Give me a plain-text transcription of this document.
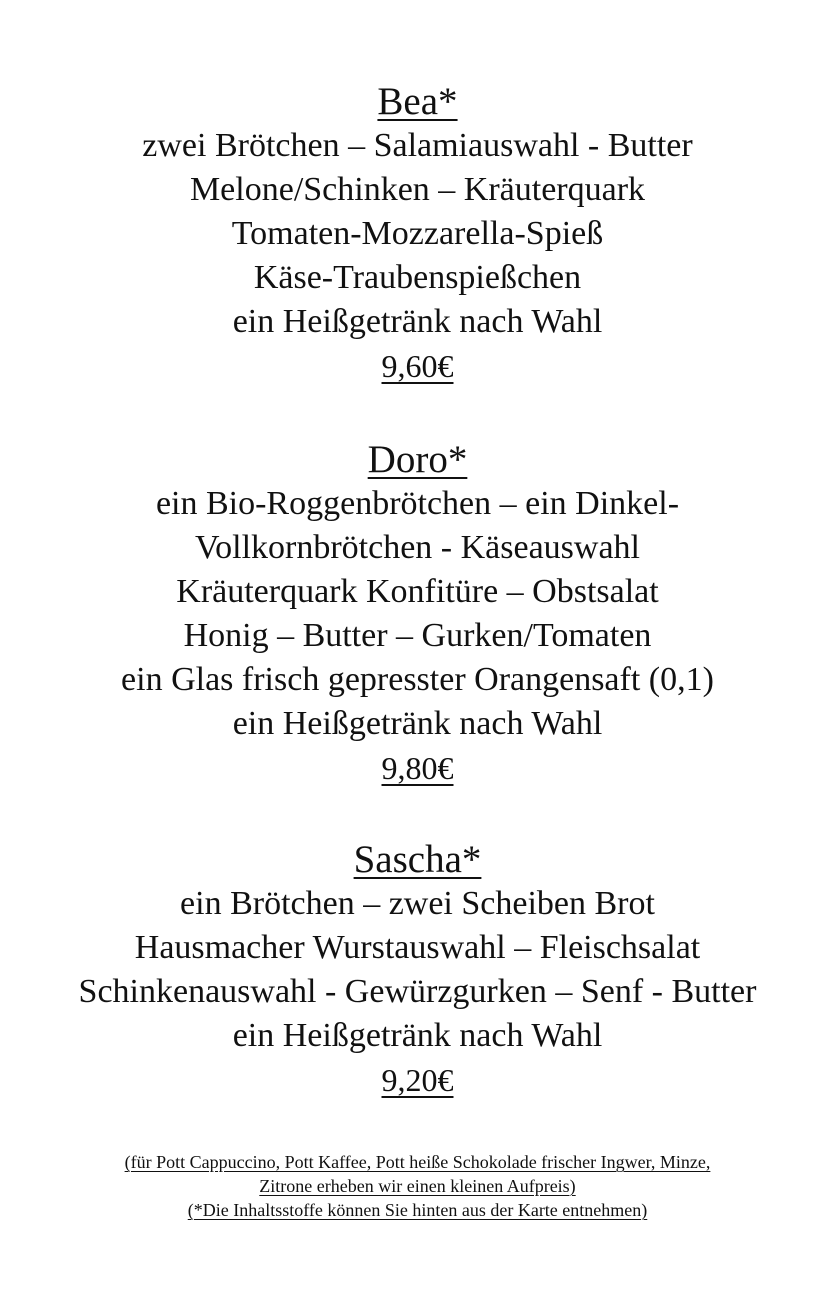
Bea*
zwei Brötchen – Salamiauswahl - Butter
Melone/Schinken – Kräuterquark
Tomaten-Mozzarella-Spieß
Käse-Traubenspießchen
ein Heißgetränk nach Wahl
9,60€
Doro*
ein Bio-Roggenbrötchen – ein Dinkel-
Vollkornbrötchen - Käseauswahl
Kräuterquark Konfitüre – Obstsalat
Honig – Butter – Gurken/Tomaten
ein Glas frisch gepresster Orangensaft (0,1)
ein Heißgetränk nach Wahl
9,80€
Sascha*
ein Brötchen – zwei Scheiben Brot
Hausmacher Wurstauswahl – Fleischsalat
Schinkenauswahl - Gewürzgurken – Senf - Butter
ein Heißgetränk nach Wahl
9,20€
(für Pott Cappuccino, Pott Kaffee, Pott heiße Schokolade frischer Ingwer, Minze,
Zitrone erheben wir einen kleinen Aufpreis)
(*Die Inhaltsstoffe können Sie hinten aus der Karte entnehmen)
